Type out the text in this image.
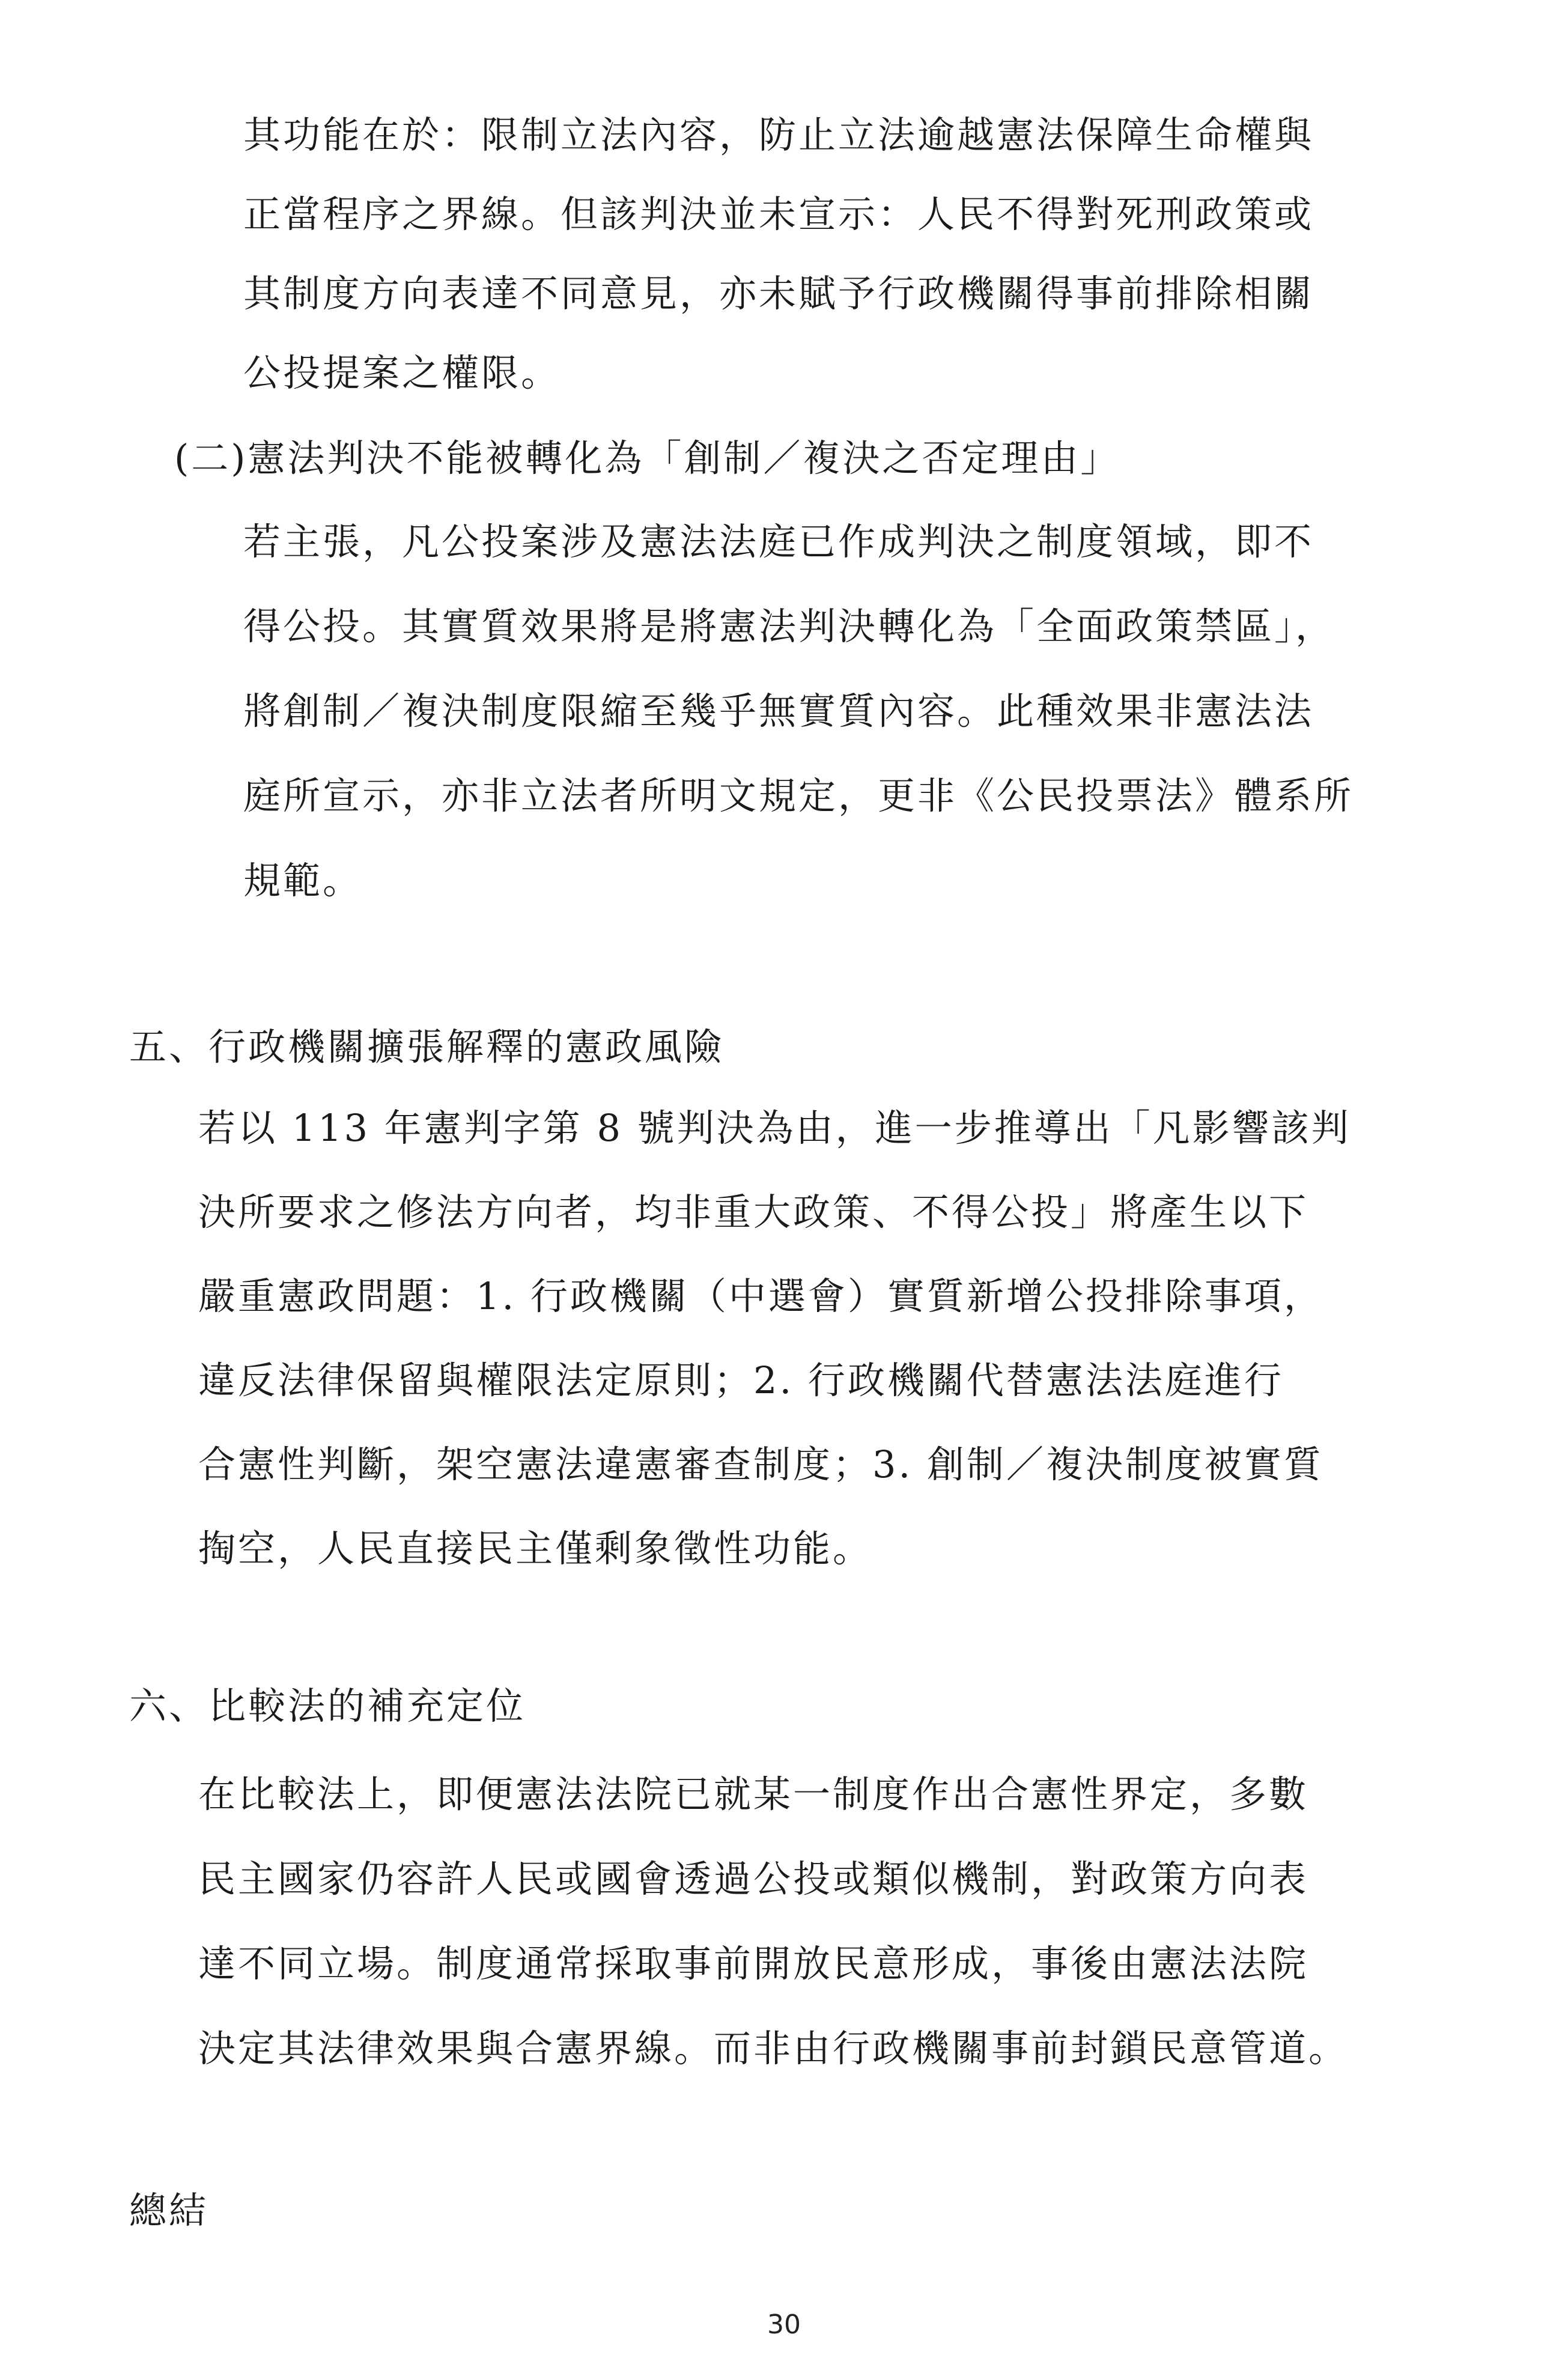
其功能在於：限制立法內容，防止立法逾越憲法保障生命權與
正當程序之界線。但該判決並未宣示：人民不得對死刑政策或
其制度方向表達不同意見，亦未賦予行政機關得事前排除相關
公投提案之權限。
(二)憲法判決不能被轉化為「創制／複決之否定理由」
若主張，凡公投案涉及憲法法庭已作成判決之制度領域，即不
得公投。其實質效果將是將憲法判決轉化為「全面政策禁區」，
將創制／複決制度限縮至幾乎無實質內容。此種效果非憲法法
庭所宣示，亦非立法者所明文規定，更非《公民投票法》體系所
規範。
五、行政機關擴張解釋的憲政風險
若以 113 年憲判字第 8 號判決為由，進一步推導出「凡影響該判
決所要求之修法方向者，均非重大政策、不得公投」將產生以下
嚴重憲政問題：1. 行政機關（中選會）實質新增公投排除事項，
違反法律保留與權限法定原則；2. 行政機關代替憲法法庭進行
合憲性判斷，架空憲法違憲審查制度；3. 創制／複決制度被實質
掏空，人民直接民主僅剩象徵性功能。
六、比較法的補充定位
在比較法上，即便憲法法院已就某一制度作出合憲性界定，多數
民主國家仍容許人民或國會透過公投或類似機制，對政策方向表
達不同立場。制度通常採取事前開放民意形成，事後由憲法法院
決定其法律效果與合憲界線。而非由行政機關事前封鎖民意管道。
總結
30
